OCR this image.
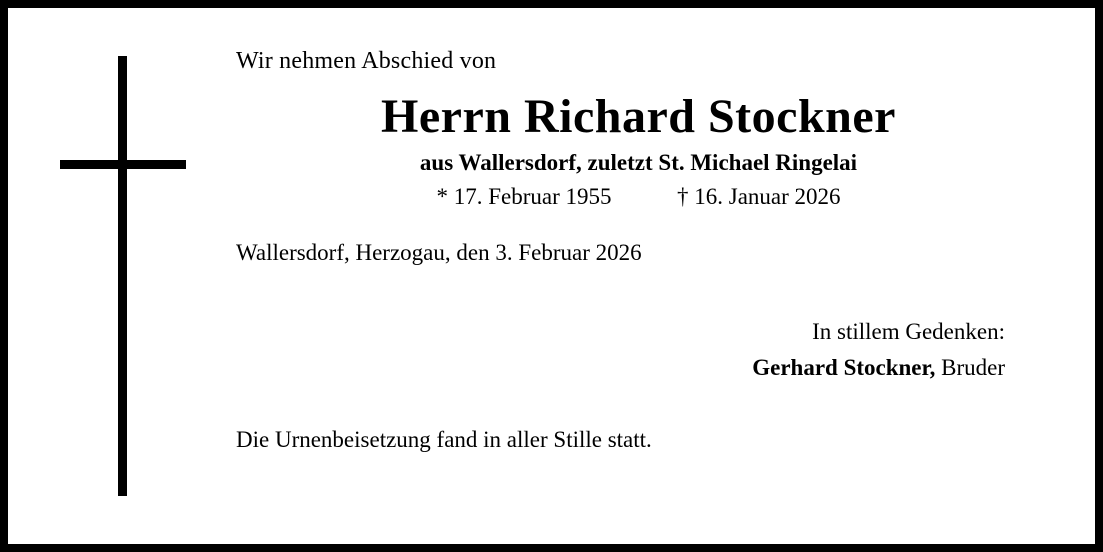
Wir nehmen Abschied von

Herrn Richard Stockner

aus Wallersdorf, zuletzt St. Michael Ringelai

* 17. Februar 1955	† 16. Januar 2026

Wallersdorf, Herzogau, den 3. Februar 2026

In stillem Gedenken:
Gerhard Stockner, Bruder

Die Urnenbeisetzung fand in aller Stille statt.
